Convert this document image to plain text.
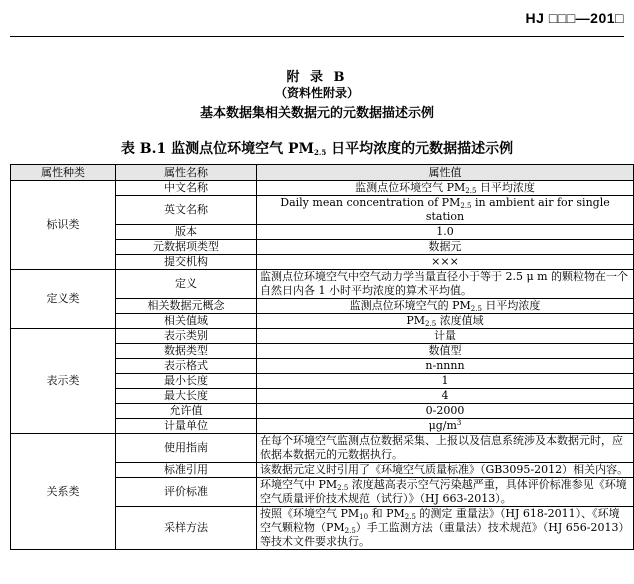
HJ □□□—201□
附 录 B
（资料性附录）
基本数据集相关数据元的元数据描述示例
表 B.1 监测点位环境空气 $PM_{2.5}$ 日平均浓度的元数据描述示例
属性种类	属性名称	属性值
标识类	中文名称	监测点位环境空气 $PM_{2.5}$ 日平均浓度
	英文名称	Daily mean concentration of $PM_{2.5}$ in ambient air for single station
	版本	1.0
	元数据项类型	数据元
	提交机构	×××
定义类	定义	监测点位环境空气中空气动力学当量直径小于等于 2.5 μ m 的颗粒物在一个自然日内各 1 小时平均浓度的算术平均值。
	相关数据元概念	监测点位环境空气的 $PM_{2.5}$ 日平均浓度
	相关值域	$PM_{2.5}$ 浓度值域
表示类	表示类别	计量
	数据类型	数值型
	表示格式	n-nnnn
	最小长度	1
	最大长度	4
	允许值	0-2000
	计量单位	$\mu g/m^3$
关系类	使用指南	在每个环境空气监测点位数据采集、上报以及信息系统涉及本数据元时，应依据本数据元的元数据执行。
	标准引用	该数据元定义时引用了《环境空气质量标准》（GB3095-2012）相关内容。
	评价标准	环境空气中 $PM_{2.5}$ 浓度越高表示空气污染越严重，具体评价标准参见《环境空气质量评价技术规范（试行）》（HJ 663-2013）。
	采样方法	按照《环境空气 $PM_{10}$ 和 $PM_{2.5}$ 的测定 重量法》（HJ 618-2011）、《环境空气颗粒物$(PM_{2.5})$手工监测方法（重量法）技术规范》（HJ 656-2013）等技术文件要求执行。
